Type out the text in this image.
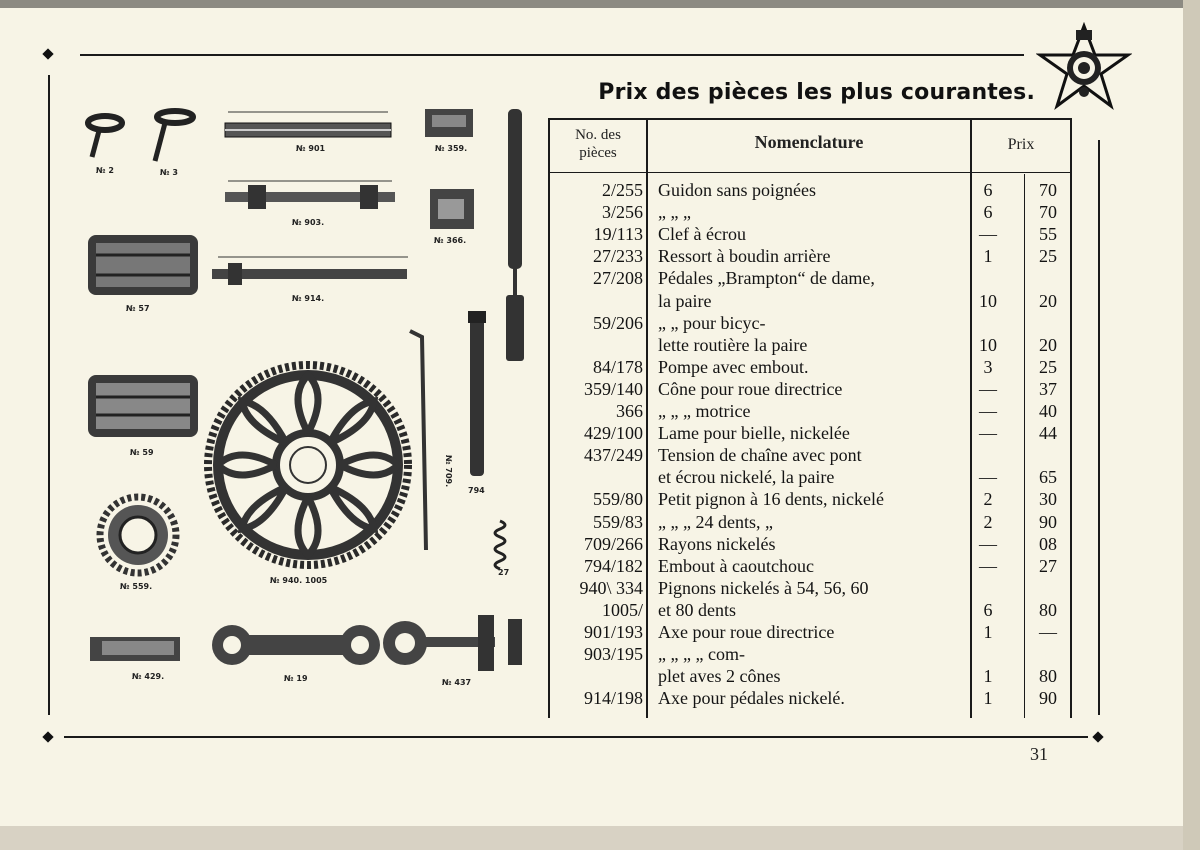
Prix des pièces les plus courantes.
№ 2	№ 3
№ 901	№ 359.
№ 903.
№ 366.
№ 57
№ 914.
№ 59
№ 940. 1005
№ 709.
794
№ 559.
27
№ 429.	№ 19	№ 437
No. des
pièces
Nomenclature	Prix
2/255 Guidon sans poignées	6	70
3/256 „ „ „	6	70
19/113 Clef à écrou	—	55
27/233 Ressort à boudin arrière	1	25
27/208 Pédales „Brampton“ de dame,
la paire	10	20
59/206 „ „ pour bicyc-
lette routière la paire	10	20
84/178 Pompe avec embout.	3	25
359/140 Cône pour roue directrice	—	37
366 „ „ „ motrice	—	40
429/100 Lame pour bielle, nickelée	—	44
437/249 Tension de chaîne avec pont
et écrou nickelé, la paire	—	65
559/80 Petit pignon à 16 dents, nickelé	2	30
559/83 „ „ „ 24 dents, „	2	90
709/266 Rayons nickelés	—	08
794/182 Embout à caoutchouc	—	27
940\ 334 Pignons nickelés à 54, 56, 60
1005/ et 80 dents	6	80
901/193 Axe pour roue directrice	1	—
903/195 „ „ „ „ com-
plet aves 2 cônes	1	80
914/198 Axe pour pédales nickelé.	1	90
31
